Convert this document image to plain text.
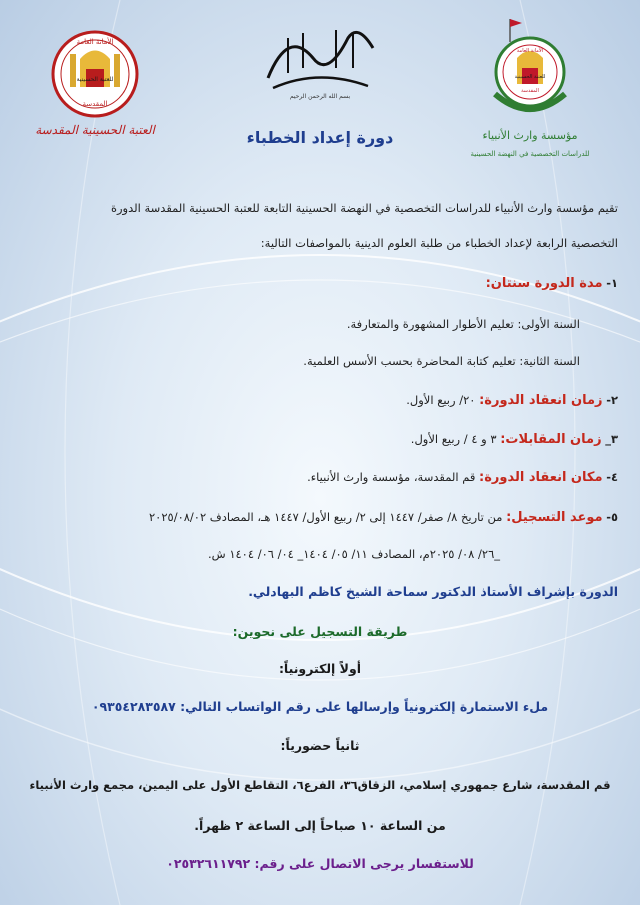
الأمانة العامة
للعتبة الحسينية
المقدسة
العتبة الحسينية المقدسة
بسم الله الرحمن الرحيم
الأمانة العامة
للعتبة الحسينية
المقدسة
مؤسسة وارث الأنبياء
للدراسات التخصصية في النهضة الحسينية
دورة إعداد الخطباء
تقيم مؤسسة وارث الأنبياء للدراسات التخصصية في النهضة الحسينية التابعة للعتبة الحسينية المقدسة الدورة
التخصصية الرابعة لإعداد الخطباء من طلبة العلوم الدينية بالمواصفات التالية:
١- مدة الدورة سنتان:
السنة الأولى: تعليم الأطوار المشهورة والمتعارفة.
السنة الثانية: تعليم كتابة المحاضرة بحسب الأسس العلمية.
٢- زمان انعقاد الدورة: ٢٠/ ربيع الأول.
٣_ زمان المقابلات: ٣ و ٤ / ربيع الأول.
٤- مكان انعقاد الدورة: قم المقدسة، مؤسسة وارث الأنبياء.
٥- موعد التسجيل: من تاريخ ٨/ صفر/ ١٤٤٧ إلى ٢/ ربيع الأول/ ١٤٤٧ هـ، المصادف ٢٠٢٥/٠٨/٠٢
_٢٦/ ٠٨/ ٢٠٢٥م، المصادف ١١/ ٠٥/ ١٤٠٤_ ٠٤/ ٠٦/ ١٤٠٤ ش.
الدورة بإشراف الأستاذ الدكتور سماحة الشيخ كاظم البهادلي.
طريقة التسجيل على نحوين:
أولاً إلكترونياً:
ملء الاستمارة إلكترونياً وإرسالها على رقم الواتساب التالي: ٠٩٣٥٤٢٨٣٥٨٧
ثانياً حضورياً:
قم المقدسة، شارع جمهوري إسلامي، الزقاق٣٦، الفرع٦، التقاطع الأول على اليمين، مجمع وارث الأنبياء
من الساعة ١٠ صباحاً إلى الساعة ٢ ظهراً.
للاستفسار يرجى الاتصال على رقم: ٠٢٥٣٢٦١١٧٩٢
